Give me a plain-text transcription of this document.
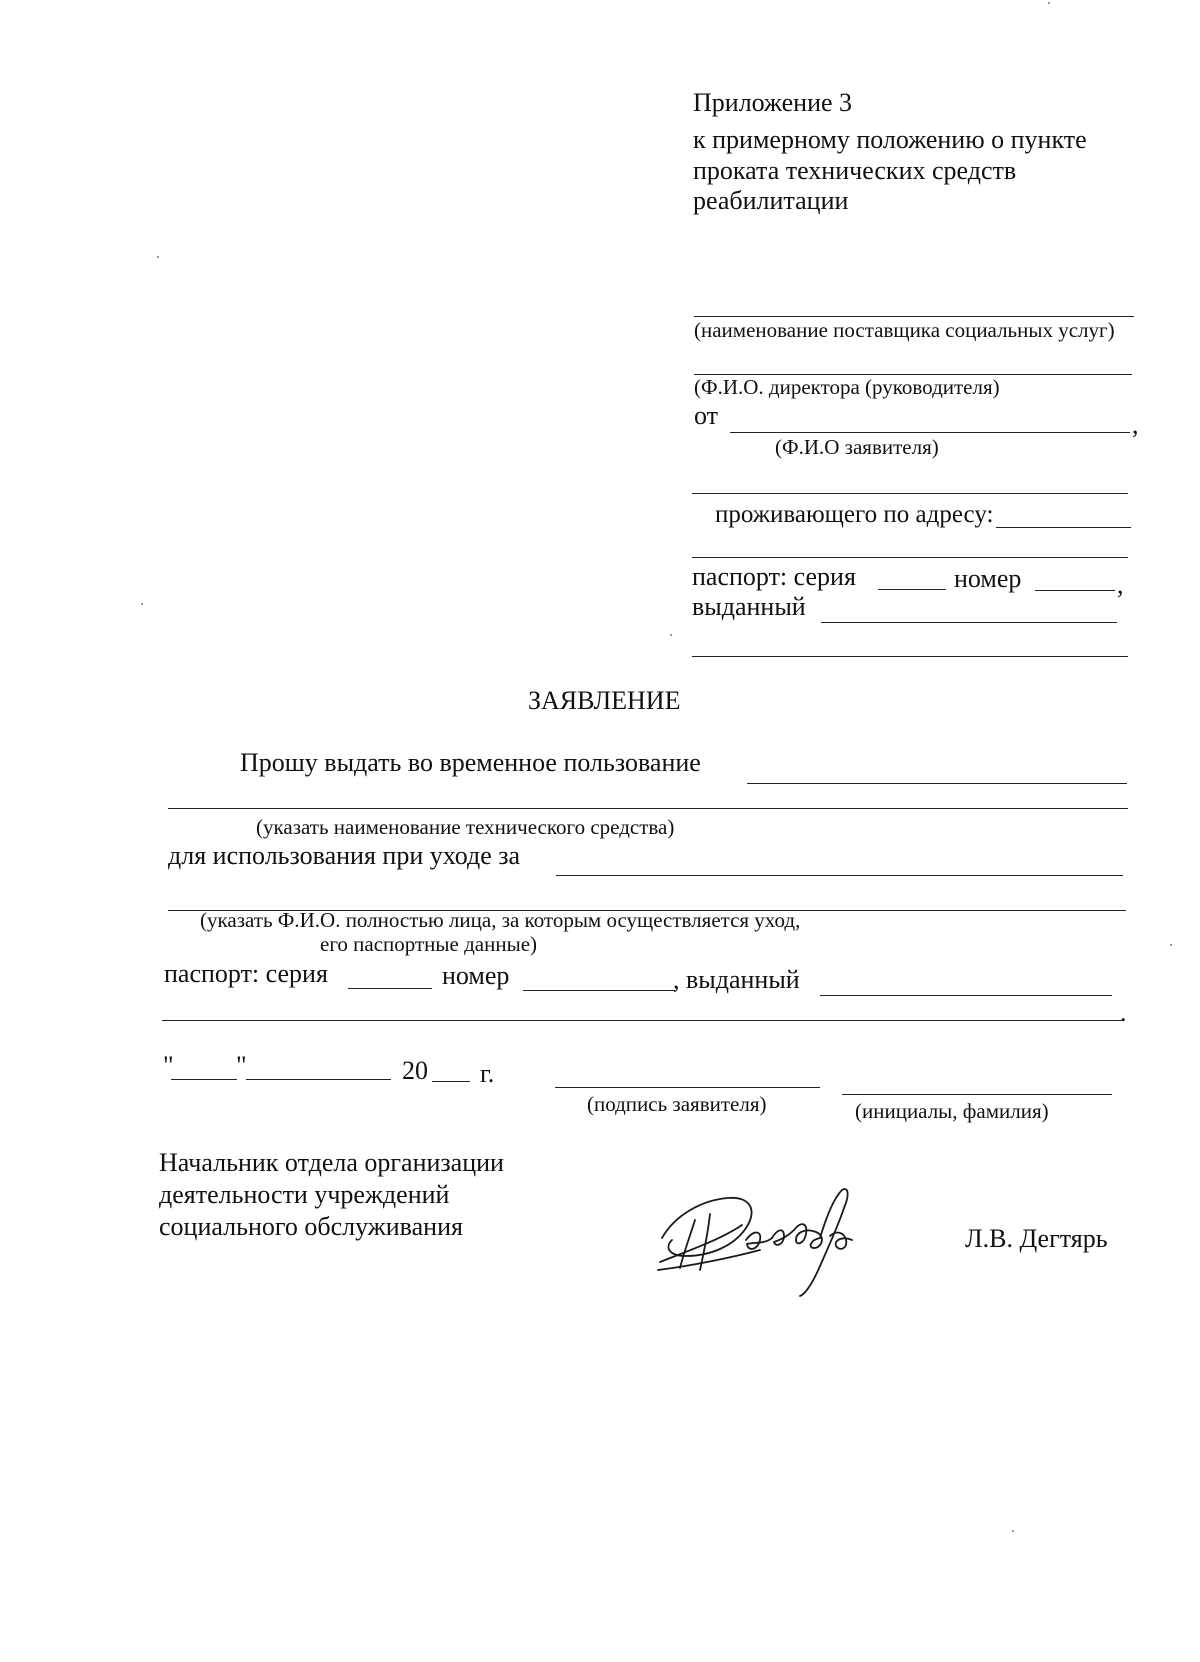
Приложение 3
к примерному положению о пункте
проката технических средств
реабилитации
(наименование поставщика социальных услуг)
(Ф.И.О. директора (руководителя)
от	,
(Ф.И.О заявителя)
проживающего по адресу:
паспорт: серия	номер	,
выданный
ЗАЯВЛЕНИЕ
Прошу выдать во временное пользование
(указать наименование технического средства)
для использования при уходе за
(указать Ф.И.О. полностью лица, за которым осуществляется уход,
его паспортные данные)
паспорт: серия	номер	, выданный
.
" "	20 г.
(подпись заявителя)	(инициалы, фамилия)
Начальник отдела организации
деятельности учреждений
социального обслуживания	Л.В. Дегтярь
